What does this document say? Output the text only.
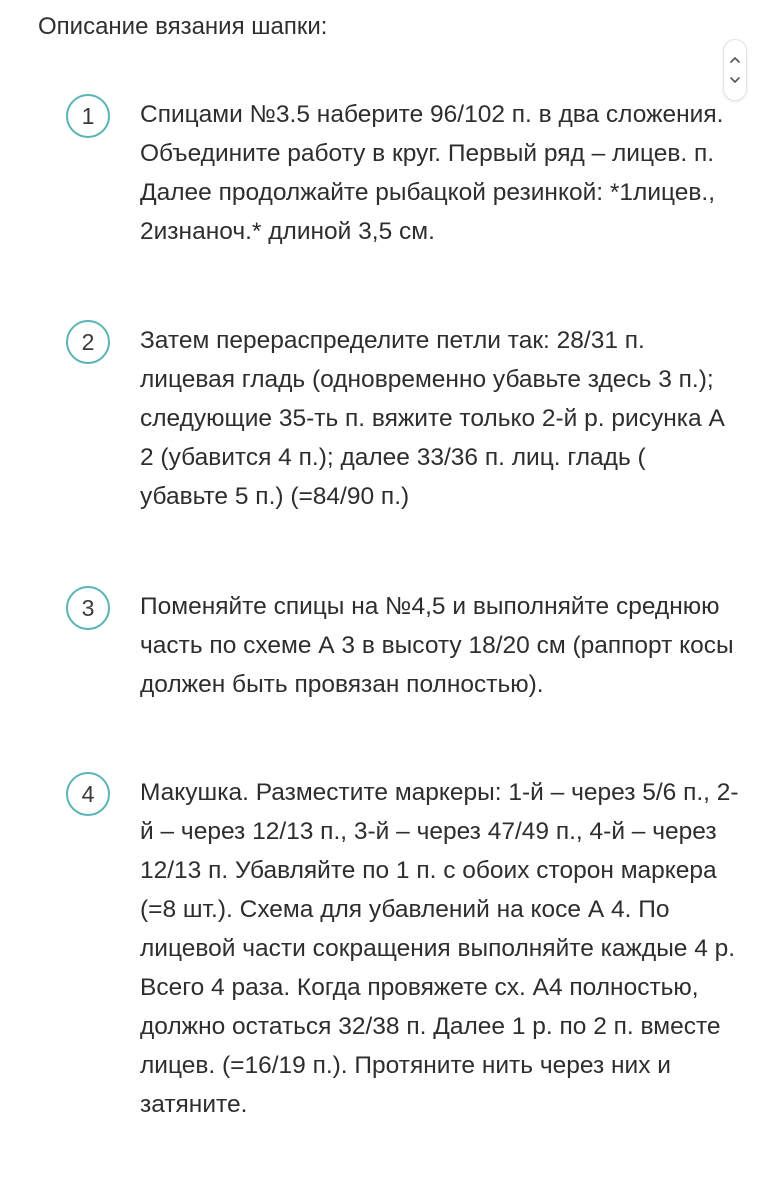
Описание вязания шапки:
1	Спицами №3.5 наберите 96/102 п. в два сложения. Объедините работу в круг. Первый ряд – лицев. п. Далее продолжайте рыбацкой резинкой: *1лицев., 2изнаноч.* длиной 3,5 см.

2	Затем перераспределите петли так: 28/31 п. лицевая гладь (одновременно убавьте здесь 3 п.); следующие 35-ть п. вяжите только 2-й р. рисунка А 2 (убавится 4 п.); далее 33/36 п. лиц. гладь ( убавьте 5 п.) (=84/90 п.)

3	Поменяйте спицы на №4,5 и выполняйте среднюю часть по схеме А 3 в высоту 18/20 см (раппорт косы должен быть провязан полностью).

4	Макушка. Разместите маркеры: 1-й – через 5/6 п., 2-й – через 12/13 п., 3-й – через 47/49 п., 4-й – через 12/13 п. Убавляйте по 1 п. с обоих сторон маркера (=8 шт.). Схема для убавлений на косе А 4. По лицевой части сокращения выполняйте каждые 4 р. Всего 4 раза. Когда провяжете сх. А4 полностью, должно остаться 32/38 п. Далее 1 р. по 2 п. вместе лицев. (=16/19 п.). Протяните нить через них и затяните.
